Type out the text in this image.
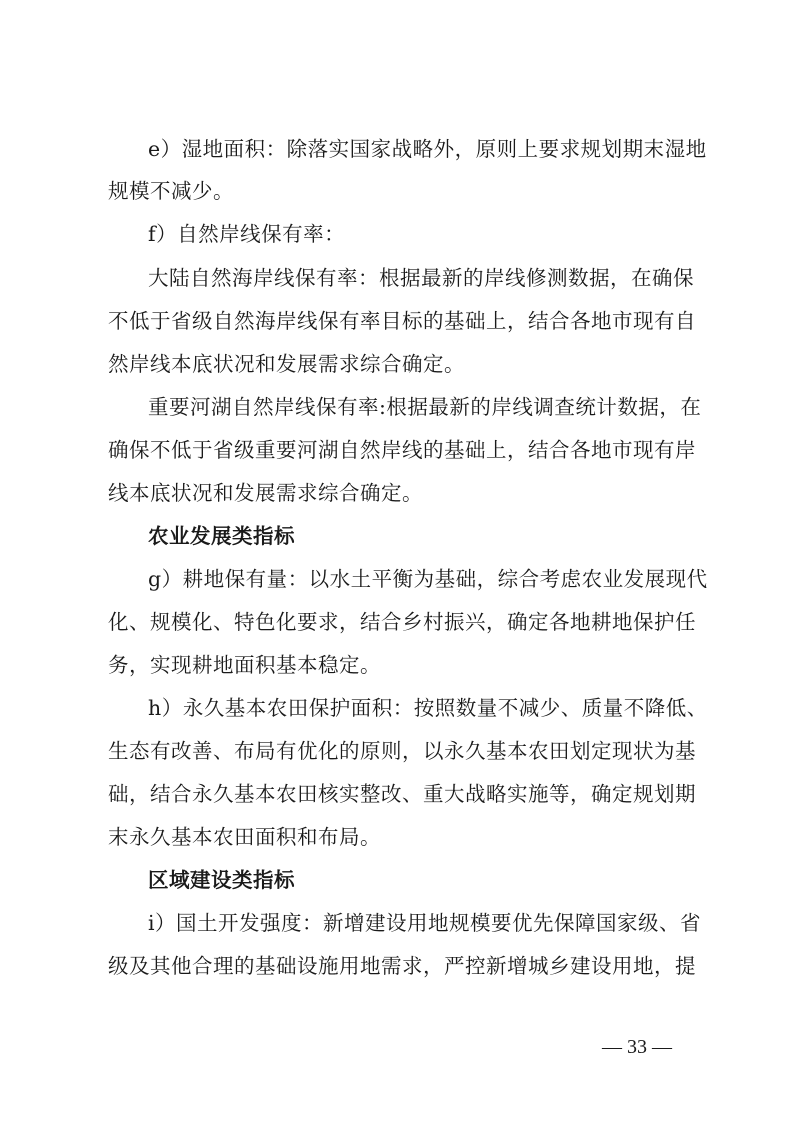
e）湿地面积：除落实国家战略外，原则上要求规划期末湿地
规模不减少。
f）自然岸线保有率：
大陆自然海岸线保有率：根据最新的岸线修测数据，在确保
不低于省级自然海岸线保有率目标的基础上，结合各地市现有自
然岸线本底状况和发展需求综合确定。
重要河湖自然岸线保有率:根据最新的岸线调查统计数据，在
确保不低于省级重要河湖自然岸线的基础上，结合各地市现有岸
线本底状况和发展需求综合确定。
农业发展类指标
g）耕地保有量：以水土平衡为基础，综合考虑农业发展现代
化、规模化、特色化要求，结合乡村振兴，确定各地耕地保护任
务，实现耕地面积基本稳定。
h）永久基本农田保护面积：按照数量不减少、质量不降低、
生态有改善、布局有优化的原则，以永久基本农田划定现状为基
础，结合永久基本农田核实整改、重大战略实施等，确定规划期
末永久基本农田面积和布局。
区域建设类指标
i）国土开发强度：新增建设用地规模要优先保障国家级、省
级及其他合理的基础设施用地需求，严控新增城乡建设用地，提
— 33 —
